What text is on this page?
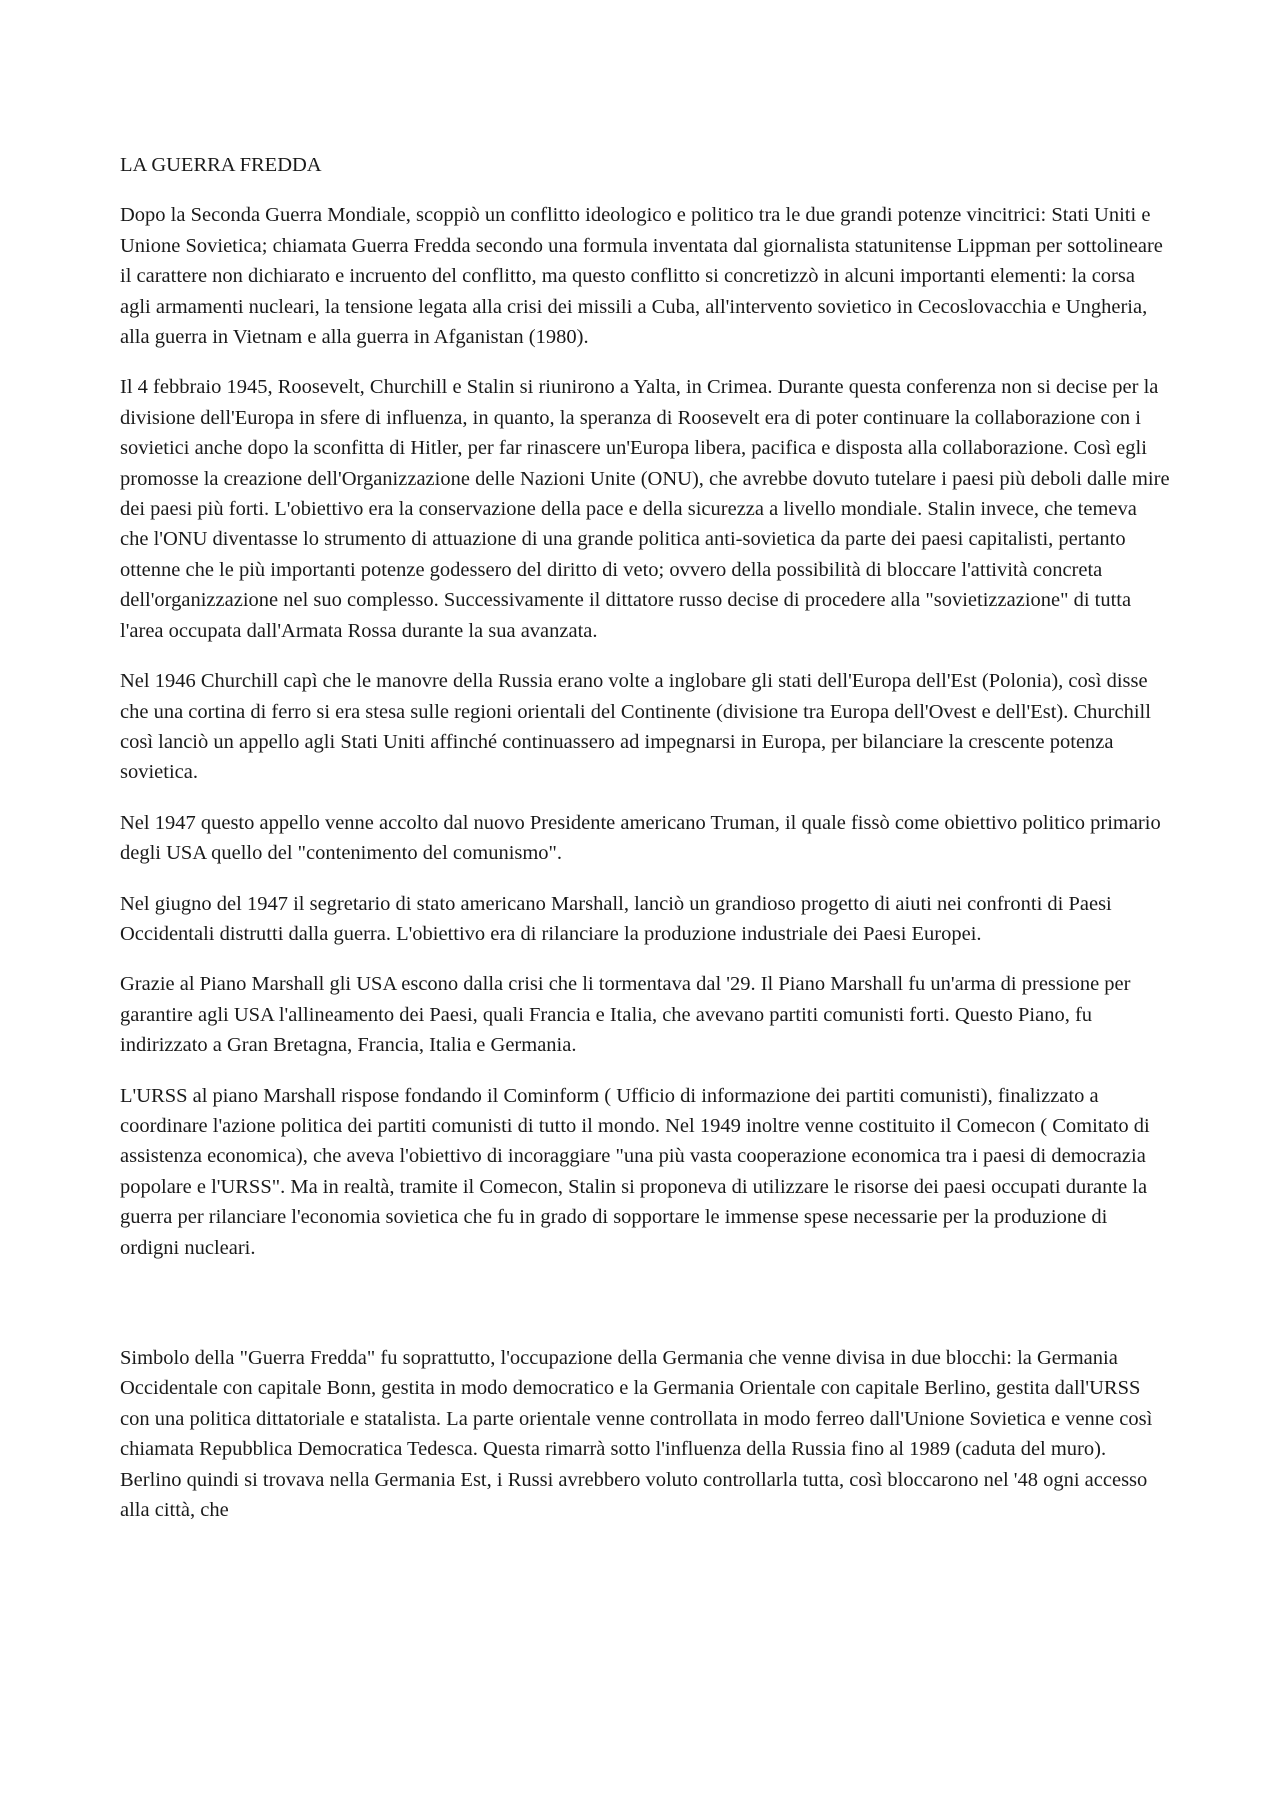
LA GUERRA FREDDA

Dopo la Seconda Guerra Mondiale, scoppiò un conflitto ideologico e politico tra le due grandi potenze vincitrici: Stati Uniti e Unione Sovietica; chiamata Guerra Fredda secondo una formula inventata dal giornalista statunitense Lippman per sottolineare il carattere non dichiarato e incruento del conflitto, ma questo conflitto si concretizzò in alcuni importanti elementi: la corsa agli armamenti nucleari, la tensione legata alla crisi dei missili a Cuba, all'intervento sovietico in Cecoslovacchia e Ungheria, alla guerra in Vietnam e alla guerra in Afganistan (1980).

Il 4 febbraio 1945, Roosevelt, Churchill e Stalin si riunirono a Yalta, in Crimea. Durante questa conferenza non si decise per la divisione dell'Europa in sfere di influenza, in quanto, la speranza di Roosevelt era di poter continuare la collaborazione con i sovietici anche dopo la sconfitta di Hitler, per far rinascere un'Europa libera, pacifica e disposta alla collaborazione. Così egli promosse la creazione dell'Organizzazione delle Nazioni Unite (ONU), che avrebbe dovuto tutelare i paesi più deboli dalle mire dei paesi più forti. L'obiettivo era la conservazione della pace e della sicurezza a livello mondiale. Stalin invece, che temeva che l'ONU diventasse lo strumento di attuazione di una grande politica anti-sovietica da parte dei paesi capitalisti, pertanto ottenne che le più importanti potenze godessero del diritto di veto; ovvero della possibilità di bloccare l'attività concreta dell'organizzazione nel suo complesso. Successivamente il dittatore russo decise di procedere alla "sovietizzazione" di tutta l'area occupata dall'Armata Rossa durante la sua avanzata.

Nel 1946 Churchill capì che le manovre della Russia erano volte a inglobare gli stati dell'Europa dell'Est (Polonia), così disse che una cortina di ferro si era stesa sulle regioni orientali del Continente (divisione tra Europa dell'Ovest e dell'Est). Churchill così lanciò un appello agli Stati Uniti affinché continuassero ad impegnarsi in Europa, per bilanciare la crescente potenza sovietica.

Nel 1947 questo appello venne accolto dal nuovo Presidente americano Truman, il quale fissò come obiettivo politico primario degli USA quello del "contenimento del comunismo".

Nel giugno del 1947 il segretario di stato americano Marshall, lanciò un grandioso progetto di aiuti nei confronti di Paesi Occidentali distrutti dalla guerra. L'obiettivo era di rilanciare la produzione industriale dei Paesi Europei.

Grazie al Piano Marshall gli USA escono dalla crisi che li tormentava dal '29. Il Piano Marshall fu un'arma di pressione per garantire agli USA l'allineamento dei Paesi, quali Francia e Italia, che avevano partiti comunisti forti. Questo Piano, fu indirizzato a Gran Bretagna, Francia, Italia e Germania.

L'URSS al piano Marshall rispose fondando il Cominform ( Ufficio di informazione dei partiti comunisti), finalizzato a coordinare l'azione politica dei partiti comunisti di tutto il mondo. Nel 1949 inoltre venne costituito il Comecon ( Comitato di assistenza economica), che aveva l'obiettivo di incoraggiare "una più vasta cooperazione economica tra i paesi di democrazia popolare e l'URSS". Ma in realtà, tramite il Comecon, Stalin si proponeva di utilizzare le risorse dei paesi occupati durante la guerra per rilanciare l'economia sovietica che fu in grado di sopportare le immense spese necessarie per la produzione di ordigni nucleari.

Simbolo della "Guerra Fredda" fu soprattutto, l'occupazione della Germania che venne divisa in due blocchi: la Germania Occidentale con capitale Bonn, gestita in modo democratico e la Germania Orientale con capitale Berlino, gestita dall'URSS con una politica dittatoriale e statalista. La parte orientale venne controllata in modo ferreo dall'Unione Sovietica e venne così chiamata Repubblica Democratica Tedesca. Questa rimarrà sotto l'influenza della Russia fino al 1989 (caduta del muro). Berlino quindi si trovava nella Germania Est, i Russi avrebbero voluto controllarla tutta, così bloccarono nel '48 ogni accesso alla città, che
